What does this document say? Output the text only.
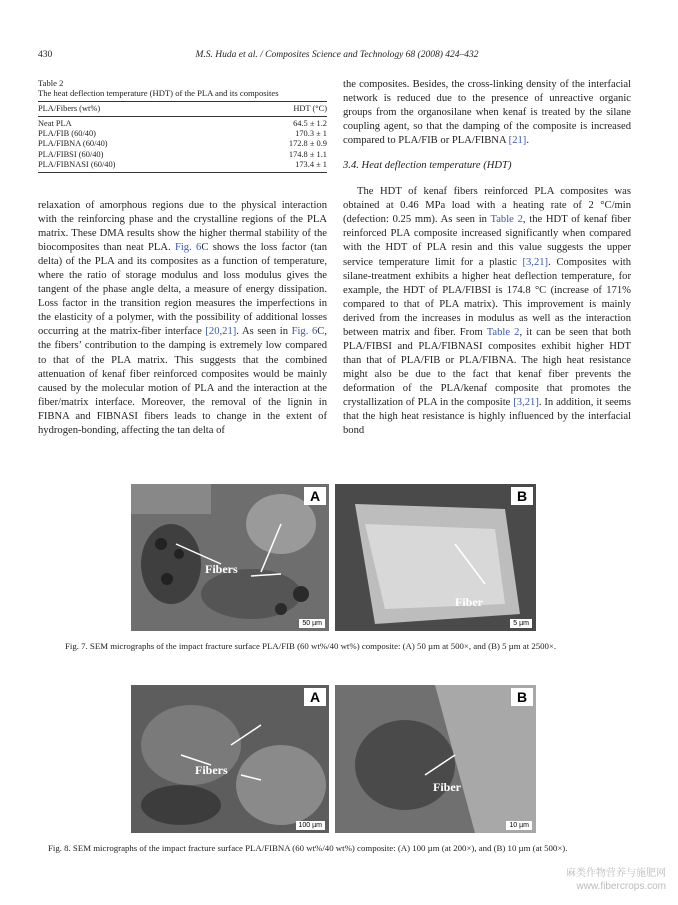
430	M.S. Huda et al. / Composites Science and Technology 68 (2008) 424–432
Table 2
The heat deflection temperature (HDT) of the PLA and its composites
PLA/Fibers (wt%)	HDT (°C)
Neat PLA	64.5 ± 1.2
PLA/FIB (60/40)	170.3 ± 1
PLA/FIBNA (60/40)	172.8 ± 0.9
PLA/FIBSI (60/40)	174.8 ± 1.1
PLA/FIBNASI (60/40)	173.4 ± 1

relaxation of amorphous regions due to the physical interaction with the reinforcing phase and the crystalline regions of the PLA matrix. These DMA results show the higher thermal stability of the biocomposites than neat PLA. Fig. 6C shows the loss factor (tan delta) of the PLA and its composites as a function of temperature, where the ratio of storage modulus and loss modulus gives the tangent of the phase angle delta, a measure of energy dissipation. Loss factor in the transition region measures the imperfections in the elasticity of a polymer, with the possibility of additional losses occurring at the matrix-fiber interface [20,21]. As seen in Fig. 6C, the fibers’ contribution to the damping is extremely low compared to that of the PLA matrix. This suggests that the combined attenuation of kenaf fiber reinforced composites would be mainly caused by the molecular motion of PLA and the interaction at the fiber/matrix interface. Moreover, the removal of the lignin in FIBNA and FIBNASI fibers leads to change in the extent of hydrogen-bonding, affecting the tan delta of

the composites. Besides, the cross-linking density of the interfacial network is reduced due to the presence of unreactive organic groups from the organosilane when kenaf is treated by the silane coupling agent, so that the damping of the composite is increased compared to PLA/FIB or PLA/FIBNA [21].

3.4. Heat deflection temperature (HDT)

The HDT of kenaf fibers reinforced PLA composites was obtained at 0.46 MPa load with a heating rate of 2 °C/min (defection: 0.25 mm). As seen in Table 2, the HDT of kenaf fiber reinforced PLA composite increased significantly when compared with the HDT of PLA resin and this value suggests the upper service temperature limit for a plastic [3,21]. Composites with silane-treatment exhibits a higher heat deflection temperature, for example, the HDT of PLA/FIBSI is 174.8 °C (increase of 171% compared to that of PLA matrix). This improvement is mainly derived from the increases in modulus as well as the interaction between matrix and fiber. From Table 2, it can be seen that both PLA/FIBSI and PLA/FIBNASI composites exhibit higher HDT than that of PLA/FIB or PLA/FIBNA. The high heat resistance might also be due to the fact that kenaf fiber prevents the deformation of the PLA/kenaf composite that promotes the crystallization of PLA in the composite [3,21]. In addition, it seems that the high heat resistance is highly influenced by the interfacial bond

A
Fibers
50 µm
B
Fiber
5 µm
Fig. 7. SEM micrographs of the impact fracture surface PLA/FIB (60 wt%/40 wt%) composite: (A) 50 µm at 500×, and (B) 5 µm at 2500×.
A
Fibers
100 µm
B
Fiber
10 µm
Fig. 8. SEM micrographs of the impact fracture surface PLA/FIBNA (60 wt%/40 wt%) composite: (A) 100 µm (at 200×), and (B) 10 µm (at 500×).
麻类作物营养与施肥网
www.fibercrops.com
